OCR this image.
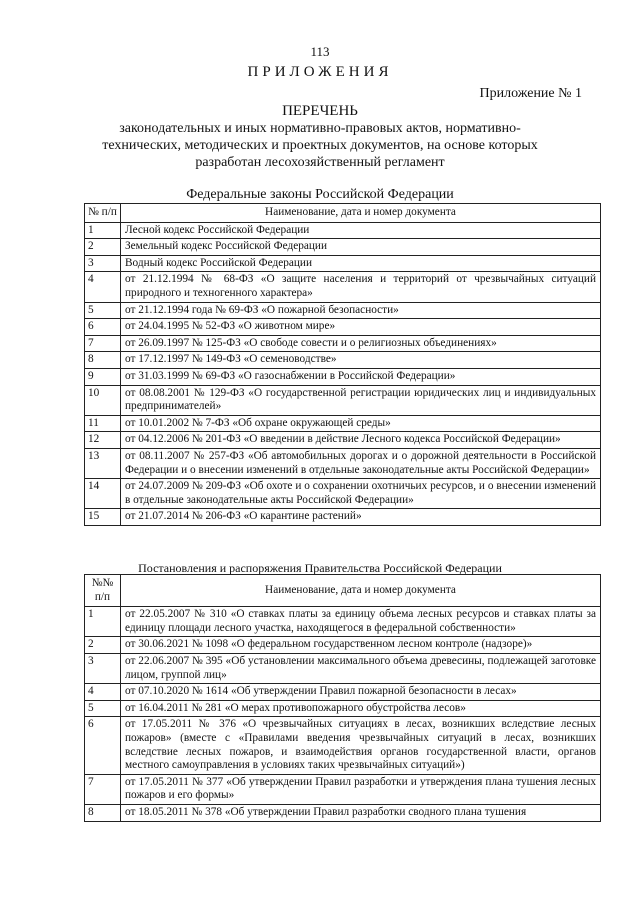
113
ПРИЛОЖЕНИЯ
Приложение № 1
ПЕРЕЧЕНЬ
законодательных и иных нормативно-правовых актов, нормативно-технических, методических и проектных документов, на основе которых разработан лесохозяйственный регламент
Федеральные законы Российской Федерации
№ п/п	Наименование, дата и номер документа
1	Лесной кодекс Российской Федерации
2	Земельный кодекс Российской Федерации
3	Водный кодекс Российской Федерации
4	от 21.12.1994 № 68-ФЗ «О защите населения и территорий от чрезвычайных ситуаций природного и техногенного характера»
5	от 21.12.1994 года № 69-ФЗ «О пожарной безопасности»
6	от 24.04.1995 № 52-ФЗ «О животном мире»
7	от 26.09.1997 № 125-ФЗ «О свободе совести и о религиозных объединениях»
8	от 17.12.1997 № 149-ФЗ «О семеноводстве»
9	от 31.03.1999 № 69-ФЗ «О газоснабжении в Российской Федерации»
10	от 08.08.2001 № 129-ФЗ «О государственной регистрации юридических лиц и индивидуальных предпринимателей»
11	от 10.01.2002 № 7-ФЗ «Об охране окружающей среды»
12	от 04.12.2006 № 201-ФЗ «О введении в действие Лесного кодекса Российской Федерации»
13	от 08.11.2007 № 257-ФЗ «Об автомобильных дорогах и о дорожной деятельности в Российской Федерации и о внесении изменений в отдельные законодательные акты Российской Федерации»
14	от 24.07.2009 № 209-ФЗ «Об охоте и о сохранении охотничьих ресурсов, и о внесении изменений в отдельные законодательные акты Российской Федерации»
15	от 21.07.2014 № 206-ФЗ «О карантине растений»
Постановления и распоряжения Правительства Российской Федерации
№№ п/п	Наименование, дата и номер документа
1	от 22.05.2007 № 310 «О ставках платы за единицу объема лесных ресурсов и ставках платы за единицу площади лесного участка, находящегося в федеральной собственности»
2	от 30.06.2021 № 1098 «О федеральном государственном лесном контроле (надзоре)»
3	от 22.06.2007 № 395 «Об установлении максимального объема древесины, подлежащей заготовке лицом, группой лиц»
4	от 07.10.2020 № 1614 «Об утверждении Правил пожарной безопасности в лесах»
5	от 16.04.2011 № 281 «О мерах противопожарного обустройства лесов»
6	от 17.05.2011 № 376 «О чрезвычайных ситуациях в лесах, возникших вследствие лесных пожаров» (вместе с «Правилами введения чрезвычайных ситуаций в лесах, возникших вследствие лесных пожаров, и взаимодействия органов государственной власти, органов местного самоуправления в условиях таких чрезвычайных ситуаций»)
7	от 17.05.2011 № 377 «Об утверждении Правил разработки и утверждения плана тушения лесных пожаров и его формы»
8	от 18.05.2011 № 378 «Об утверждении Правил разработки сводного плана тушения
